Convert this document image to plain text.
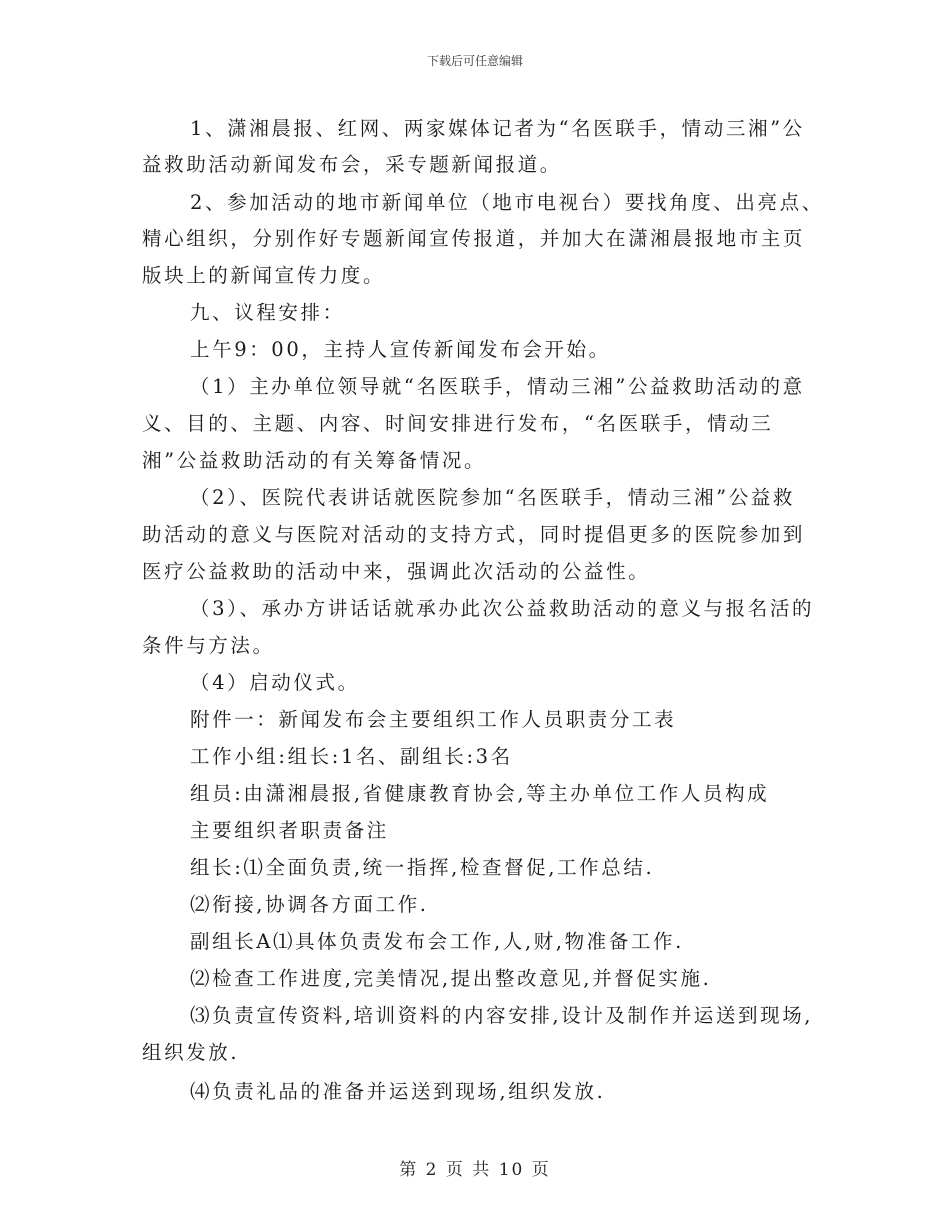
下载后可任意编辑
1、潇湘晨报、红网、两家媒体记者为“名医联手，情动三湘”公
益救助活动新闻发布会，采专题新闻报道。
2、参加活动的地市新闻单位（地市电视台）要找角度、出亮点、
精心组织，分别作好专题新闻宣传报道，并加大在潇湘晨报地市主页
版块上的新闻宣传力度。
九、议程安排：
上午9：00，主持人宣传新闻发布会开始。
（1）主办单位领导就“名医联手，情动三湘”公益救助活动的意
义、目的、主题、内容、时间安排进行发布，“名医联手，情动三
湘”公益救助活动的有关筹备情况。
（2）、医院代表讲话就医院参加“名医联手，情动三湘”公益救
助活动的意义与医院对活动的支持方式，同时提倡更多的医院参加到
医疗公益救助的活动中来，强调此次活动的公益性。
（3）、承办方讲话话就承办此次公益救助活动的意义与报名活的
条件与方法。
（4）启动仪式。
附件一：新闻发布会主要组织工作人员职责分工表
工作小组:组长:1名、副组长:3名
组员:由潇湘晨报,省健康教育协会,等主办单位工作人员构成
主要组织者职责备注
组长:⑴全面负责,统一指挥,检查督促,工作总结.
⑵衔接,协调各方面工作.
副组长A⑴具体负责发布会工作,人,财,物准备工作.
⑵检查工作进度,完美情况,提出整改意见,并督促实施.
⑶负责宣传资料,培训资料的内容安排,设计及制作并运送到现场,
组织发放.
⑷负责礼品的准备并运送到现场,组织发放.
第 2 页 共 10 页
